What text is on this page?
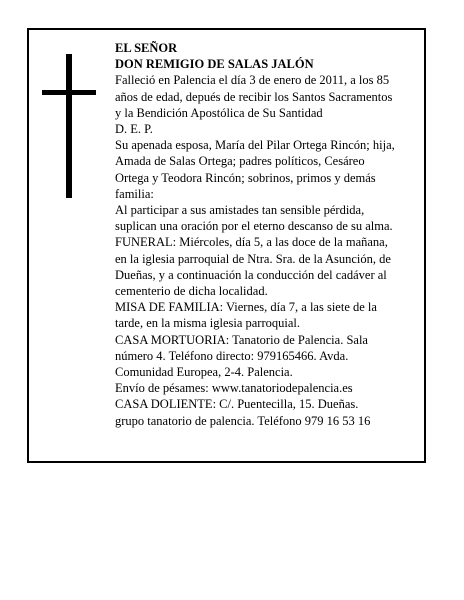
EL SEÑOR
DON REMIGIO DE SALAS JALÓN
Falleció en Palencia el día 3 de enero de 2011, a los 85
años de edad, depués de recibir los Santos Sacramentos
y la Bendición Apostólica de Su Santidad
D. E. P.
Su apenada esposa, María del Pilar Ortega Rincón; hija,
Amada de Salas Ortega; padres políticos, Cesáreo
Ortega y Teodora Rincón; sobrinos, primos y demás
familia:
Al participar a sus amistades tan sensible pérdida,
suplican una oración por el eterno descanso de su alma.
FUNERAL: Miércoles, día 5, a las doce de la mañana,
en la iglesia parroquial de Ntra. Sra. de la Asunción, de
Dueñas, y a continuación la conducción del cadáver al
cementerio de dicha localidad.
MISA DE FAMILIA: Viernes, día 7, a las siete de la
tarde, en la misma iglesia parroquial.
CASA MORTUORIA: Tanatorio de Palencia. Sala
número 4. Teléfono directo: 979165466. Avda.
Comunidad Europea, 2-4. Palencia.
Envío de pésames: www.tanatoriodepalencia.es
CASA DOLIENTE: C/. Puentecilla, 15. Dueñas.
grupo tanatorio de palencia. Teléfono 979 16 53 16
